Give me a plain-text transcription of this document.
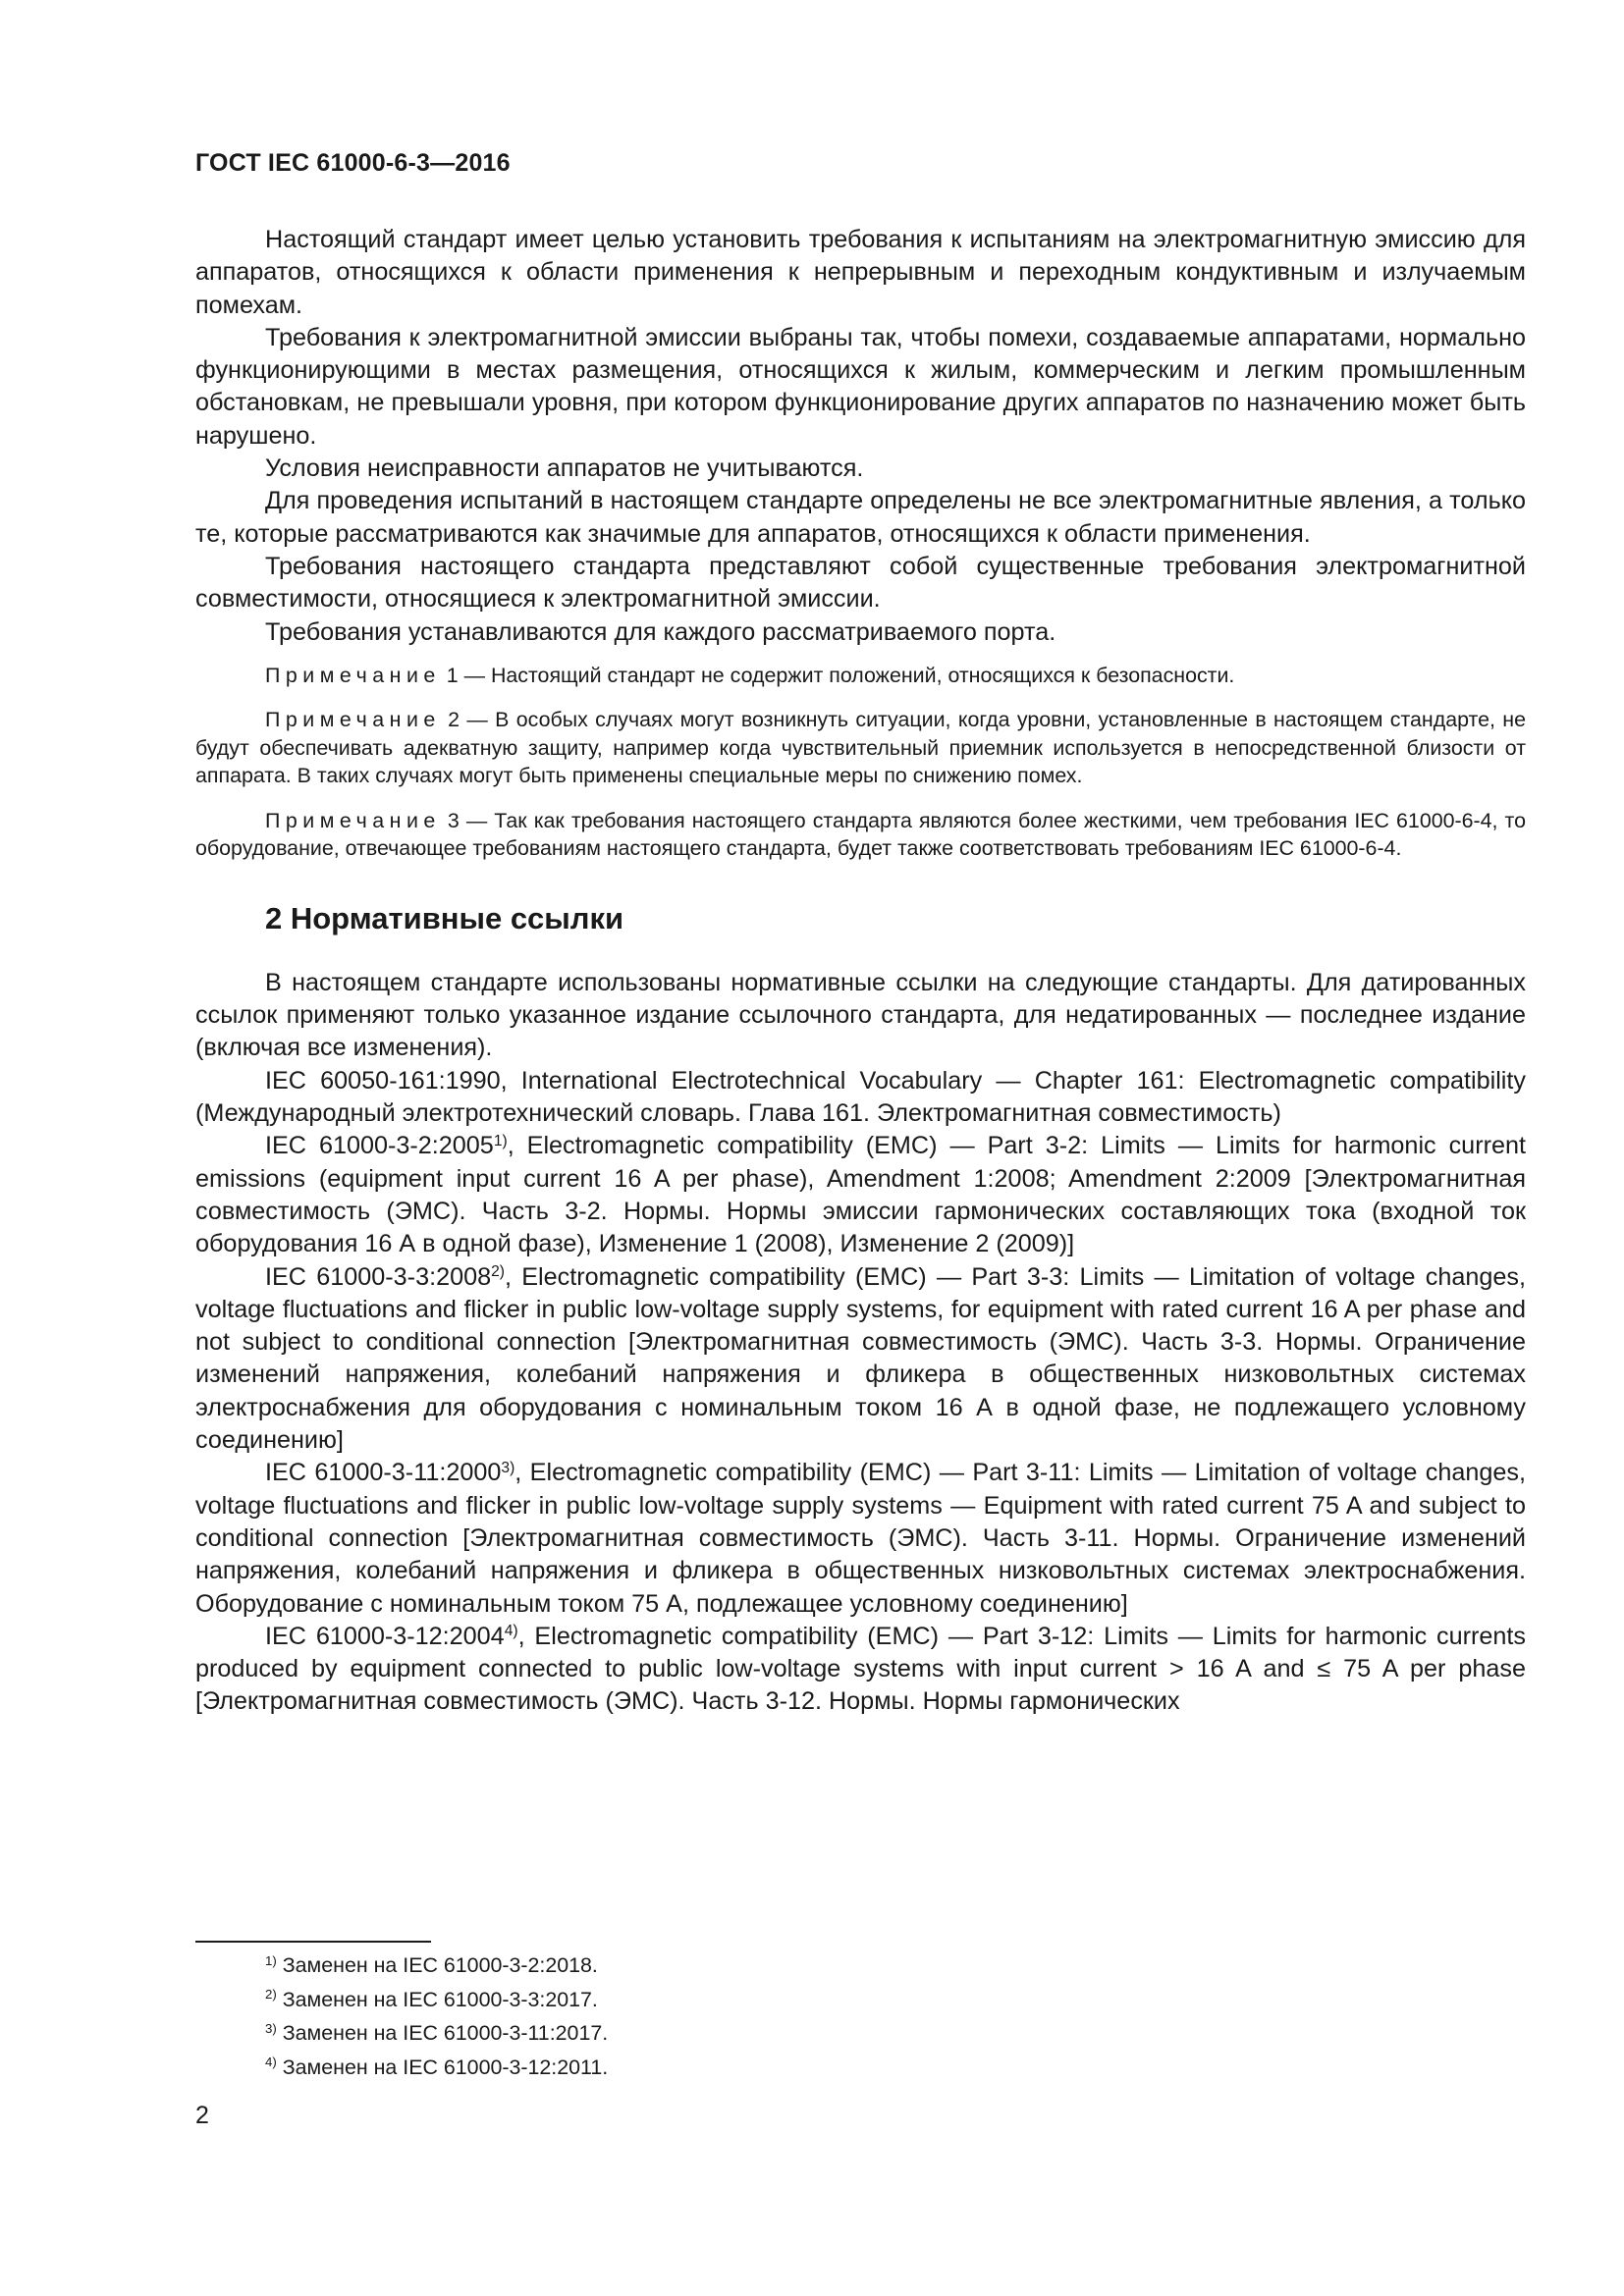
ГОСТ IEC 61000-6-3—2016

Настоящий стандарт имеет целью установить требования к испытаниям на электромагнитную эмиссию для аппаратов, относящихся к области применения к непрерывным и переходным кондуктивным и излучаемым помехам.

Требования к электромагнитной эмиссии выбраны так, чтобы помехи, создаваемые аппаратами, нормально функционирующими в местах размещения, относящихся к жилым, коммерческим и легким промышленным обстановкам, не превышали уровня, при котором функционирование других аппаратов по назначению может быть нарушено.

Условия неисправности аппаратов не учитываются.

Для проведения испытаний в настоящем стандарте определены не все электромагнитные явления, а только те, которые рассматриваются как значимые для аппаратов, относящихся к области применения.

Требования настоящего стандарта представляют собой существенные требования электромагнитной совместимости, относящиеся к электромагнитной эмиссии.

Требования устанавливаются для каждого рассматриваемого порта.

Примечание 1 — Настоящий стандарт не содержит положений, относящихся к безопасности.

Примечание 2 — В особых случаях могут возникнуть ситуации, когда уровни, установленные в настоящем стандарте, не будут обеспечивать адекватную защиту, например когда чувствительный приемник используется в непосредственной близости от аппарата. В таких случаях могут быть применены специальные меры по снижению помех.

Примечание 3 — Так как требования настоящего стандарта являются более жесткими, чем требования IEC 61000-6-4, то оборудование, отвечающее требованиям настоящего стандарта, будет также соответствовать требованиям IEC 61000-6-4.

2 Нормативные ссылки

В настоящем стандарте использованы нормативные ссылки на следующие стандарты. Для датированных ссылок применяют только указанное издание ссылочного стандарта, для недатированных — последнее издание (включая все изменения).

IEC 60050-161:1990, International Electrotechnical Vocabulary — Chapter 161: Electromagnetic compatibility (Международный электротехнический словарь. Глава 161. Электромагнитная совместимость)

IEC 61000-3-2:2005$^{1)}$, Electromagnetic compatibility (EMC) — Part 3-2: Limits — Limits for harmonic current emissions (equipment input current 16 A per phase), Amendment 1:2008; Amendment 2:2009 [Электромагнитная совместимость (ЭМС). Часть 3-2. Нормы. Нормы эмиссии гармонических составляющих тока (входной ток оборудования 16 А в одной фазе), Изменение 1 (2008), Изменение 2 (2009)]

IEC 61000-3-3:2008$^{2)}$, Electromagnetic compatibility (EMC) — Part 3-3: Limits — Limitation of voltage changes, voltage fluctuations and flicker in public low-voltage supply systems, for equipment with rated current 16 A per phase and not subject to conditional connection [Электромагнитная совместимость (ЭМС). Часть 3-3. Нормы. Ограничение изменений напряжения, колебаний напряжения и фликера в общественных низковольтных системах электроснабжения для оборудования с номинальным током 16 А в одной фазе, не подлежащего условному соединению]

IEC 61000-3-11:2000$^{3)}$, Electromagnetic compatibility (EMC) — Part 3-11: Limits — Limitation of voltage changes, voltage fluctuations and flicker in public low-voltage supply systems — Equipment with rated current 75 A and subject to conditional connection [Электромагнитная совместимость (ЭМС). Часть 3-11. Нормы. Ограничение изменений напряжения, колебаний напряжения и фликера в общественных низковольтных системах электроснабжения. Оборудование с номинальным током 75 А, подлежащее условному соединению]

IEC 61000-3-12:2004$^{4)}$, Electromagnetic compatibility (EMC) — Part 3-12: Limits — Limits for harmonic currents produced by equipment connected to public low-voltage systems with input current > 16 A and ≤ 75 A per phase [Электромагнитная совместимость (ЭМС). Часть 3-12. Нормы. Нормы гармонических

$^{1)}$ Заменен на IEC 61000-3-2:2018.

$^{2)}$ Заменен на IEC 61000-3-3:2017.

$^{3)}$ Заменен на IEC 61000-3-11:2017.

$^{4)}$ Заменен на IEC 61000-3-12:2011.

2
